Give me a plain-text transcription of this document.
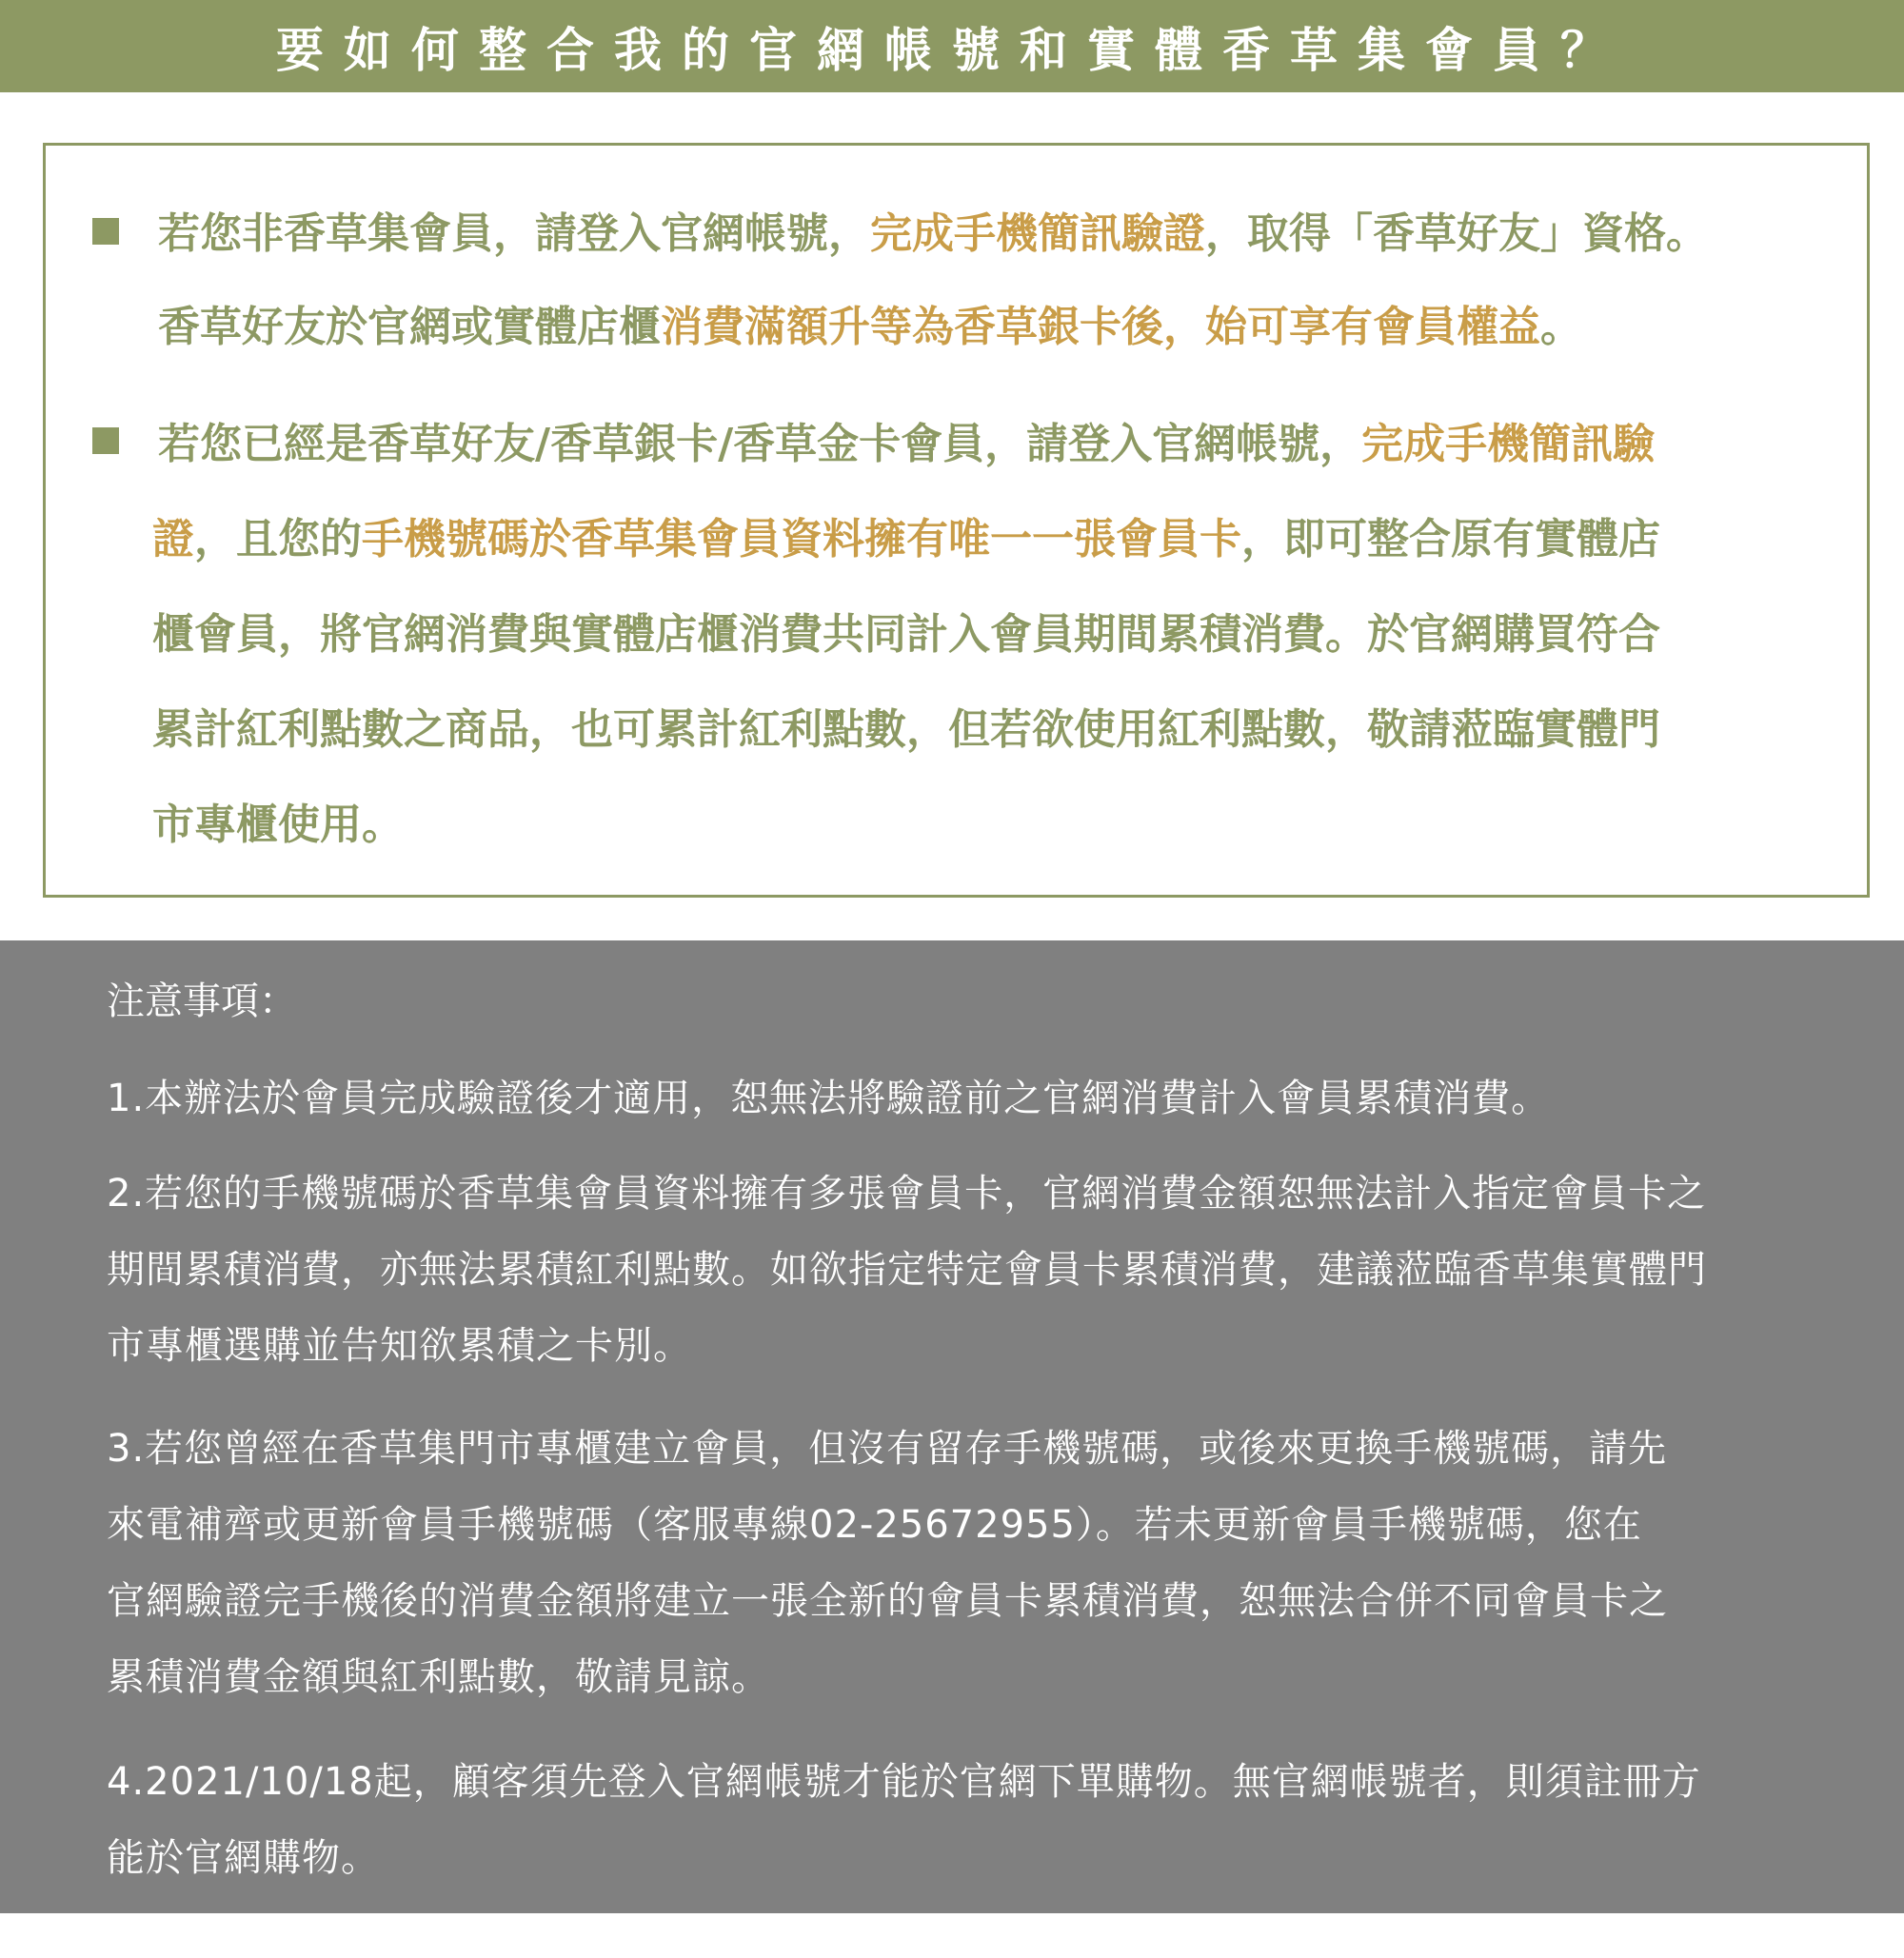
要如何整合我的官網帳號和實體香草集會員？

若您非香草集會員，請登入官網帳號，完成手機簡訊驗證，取得「香草好友」資格。

香草好友於官網或實體店櫃消費滿額升等為香草銀卡後，始可享有會員權益。

若您已經是香草好友/香草銀卡/香草金卡會員，請登入官網帳號，完成手機簡訊驗

證，且您的手機號碼於香草集會員資料擁有唯一一張會員卡，即可整合原有實體店

櫃會員，將官網消費與實體店櫃消費共同計入會員期間累積消費。於官網購買符合

累計紅利點數之商品，也可累計紅利點數，但若欲使用紅利點數，敬請蒞臨實體門

市專櫃使用。

注意事項：

1.本辦法於會員完成驗證後才適用，恕無法將驗證前之官網消費計入會員累積消費。

2.若您的手機號碼於香草集會員資料擁有多張會員卡，官網消費金額恕無法計入指定會員卡之

期間累積消費，亦無法累積紅利點數。如欲指定特定會員卡累積消費，建議蒞臨香草集實體門

市專櫃選購並告知欲累積之卡別。

3.若您曾經在香草集門市專櫃建立會員，但沒有留存手機號碼，或後來更換手機號碼，請先

來電補齊或更新會員手機號碼（客服專線02-25672955）。若未更新會員手機號碼，您在

官網驗證完手機後的消費金額將建立一張全新的會員卡累積消費，恕無法合併不同會員卡之

累積消費金額與紅利點數，敬請見諒。

4.2021/10/18起，顧客須先登入官網帳號才能於官網下單購物。無官網帳號者，則須註冊方

能於官網購物。
